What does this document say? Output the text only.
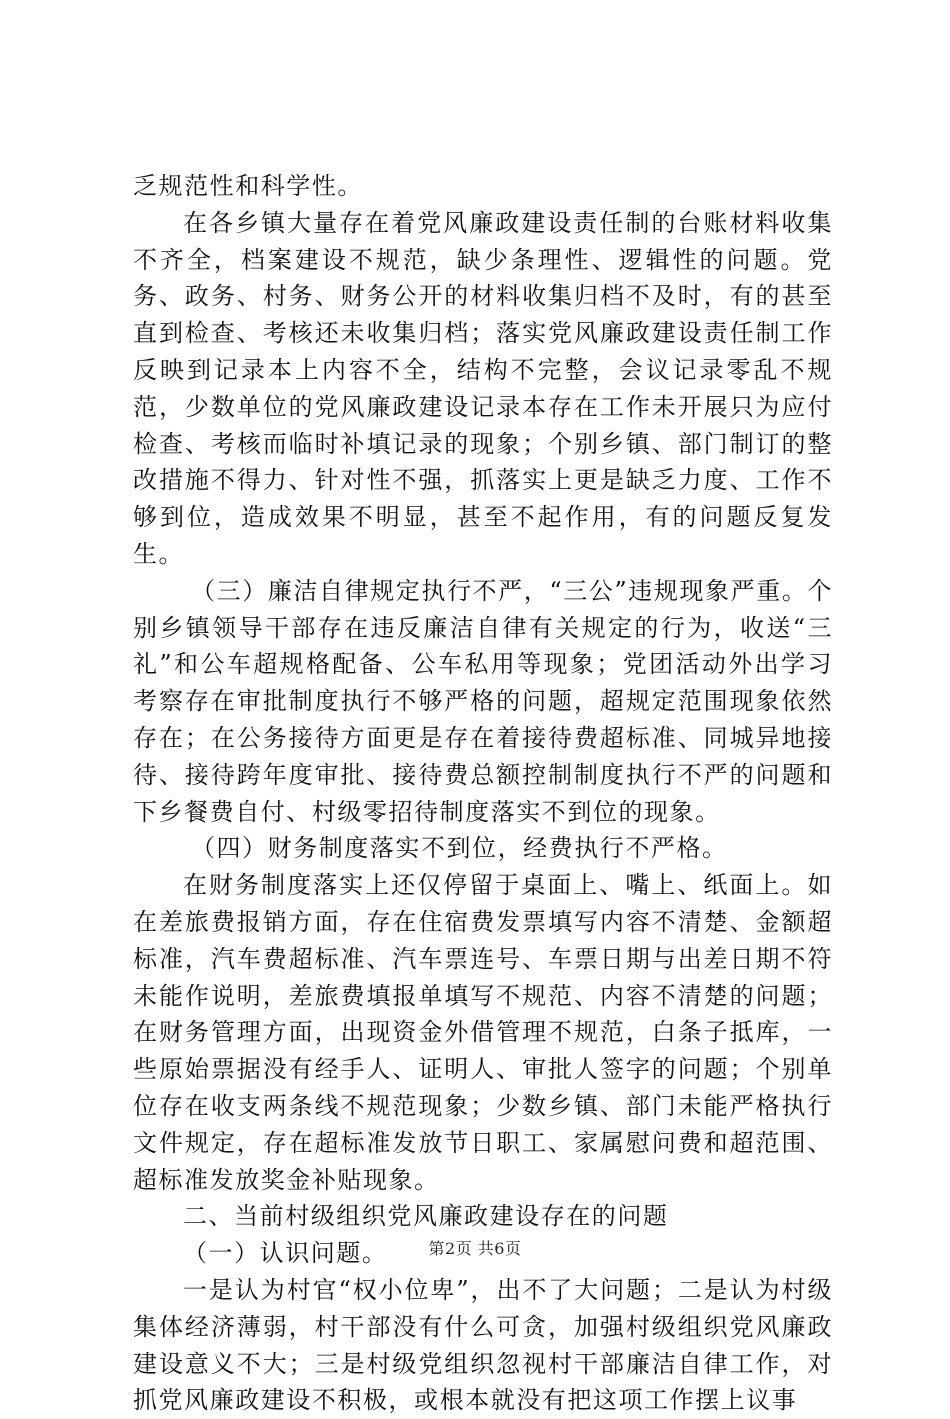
乏规范性和科学性。

在各乡镇大量存在着党风廉政建设责任制的台账材料收集不齐全，档案建设不规范，缺少条理性、逻辑性的问题。党务、政务、村务、财务公开的材料收集归档不及时，有的甚至直到检查、考核还未收集归档；落实党风廉政建设责任制工作反映到记录本上内容不全，结构不完整，会议记录零乱不规范，少数单位的党风廉政建设记录本存在工作未开展只为应付检查、考核而临时补填记录的现象；个别乡镇、部门制订的整改措施不得力、针对性不强，抓落实上更是缺乏力度、工作不够到位，造成效果不明显，甚至不起作用，有的问题反复发生。

（三）廉洁自律规定执行不严，“三公”违规现象严重。个别乡镇领导干部存在违反廉洁自律有关规定的行为，收送“三礼”和公车超规格配备、公车私用等现象；党团活动外出学习考察存在审批制度执行不够严格的问题，超规定范围现象依然存在；在公务接待方面更是存在着接待费超标准、同城异地接待、接待跨年度审批、接待费总额控制制度执行不严的问题和下乡餐费自付、村级零招待制度落实不到位的现象。

（四）财务制度落实不到位，经费执行不严格。

在财务制度落实上还仅停留于桌面上、嘴上、纸面上。如在差旅费报销方面，存在住宿费发票填写内容不清楚、金额超标准，汽车费超标准、汽车票连号、车票日期与出差日期不符未能作说明，差旅费填报单填写不规范、内容不清楚的问题；在财务管理方面，出现资金外借管理不规范，白条子抵库，一些原始票据没有经手人、证明人、审批人签字的问题；个别单位存在收支两条线不规范现象；少数乡镇、部门未能严格执行文件规定，存在超标准发放节日职工、家属慰问费和超范围、超标准发放奖金补贴现象。

二、当前村级组织党风廉政建设存在的问题

（一）认识问题。

一是认为村官“权小位卑”，出不了大问题；二是认为村级集体经济薄弱，村干部没有什么可贪，加强村级组织党风廉政建设意义不大；三是村级党组织忽视村干部廉洁自律工作，对抓党风廉政建设不积极，或根本就没有把这项工作摆上议事

第2页 共6页
